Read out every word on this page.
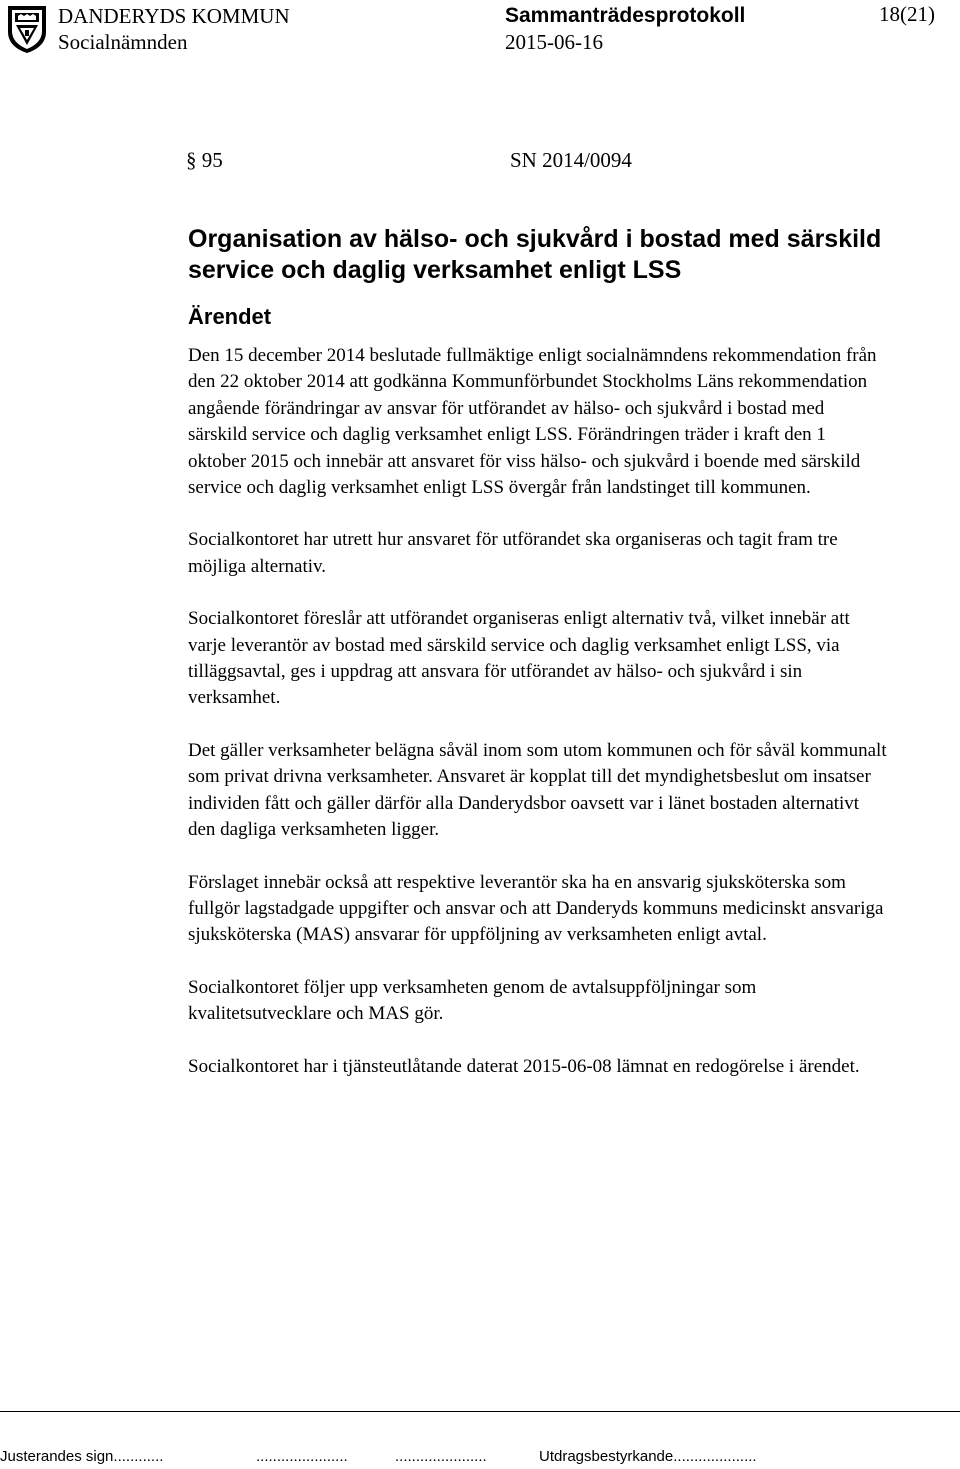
DANDERYDS KOMMUN
Socialnämnden
Sammanträdesprotokoll
2015-06-16
18(21)
§ 95	SN 2014/0094
Organisation av hälso- och sjukvård i bostad med särskild service och daglig verksamhet enligt LSS
Ärendet

Den 15 december 2014 beslutade fullmäktige enligt socialnämndens rekommendation från den 22 oktober 2014 att godkänna Kommunförbundet Stockholms Läns rekommendation angående förändringar av ansvar för utförandet av hälso- och sjukvård i bostad med särskild service och daglig verksamhet enligt LSS. Förändringen träder i kraft den 1 oktober 2015 och innebär att ansvaret för viss hälso- och sjukvård i boende med särskild service och daglig verksamhet enligt LSS övergår från landstinget till kommunen.

Socialkontoret har utrett hur ansvaret för utförandet ska organiseras och tagit fram tre möjliga alternativ.

Socialkontoret föreslår att utförandet organiseras enligt alternativ två, vilket innebär att varje leverantör av bostad med särskild service och daglig verksamhet enligt LSS, via tilläggsavtal, ges i uppdrag att ansvara för utförandet av hälso- och sjukvård i sin verksamhet.

Det gäller verksamheter belägna såväl inom som utom kommunen och för såväl kommunalt som privat drivna verksamheter. Ansvaret är kopplat till det myndighetsbeslut om insatser individen fått och gäller därför alla Danderydsbor oavsett var i länet bostaden alternativt den dagliga verksamheten ligger.

Förslaget innebär också att respektive leverantör ska ha en ansvarig sjuksköterska som fullgör lagstadgade uppgifter och ansvar och att Danderyds kommuns medicinskt ansvariga sjuksköterska (MAS) ansvarar för uppföljning av verksamheten enligt avtal.

Socialkontoret följer upp verksamheten genom de avtalsuppföljningar som kvalitetsutvecklare och MAS gör.

Socialkontoret har i tjänsteutlåtande daterat 2015-06-08 lämnat en redogörelse i ärendet.

Justerandes sign............	......................	......................	Utdragsbestyrkande....................
